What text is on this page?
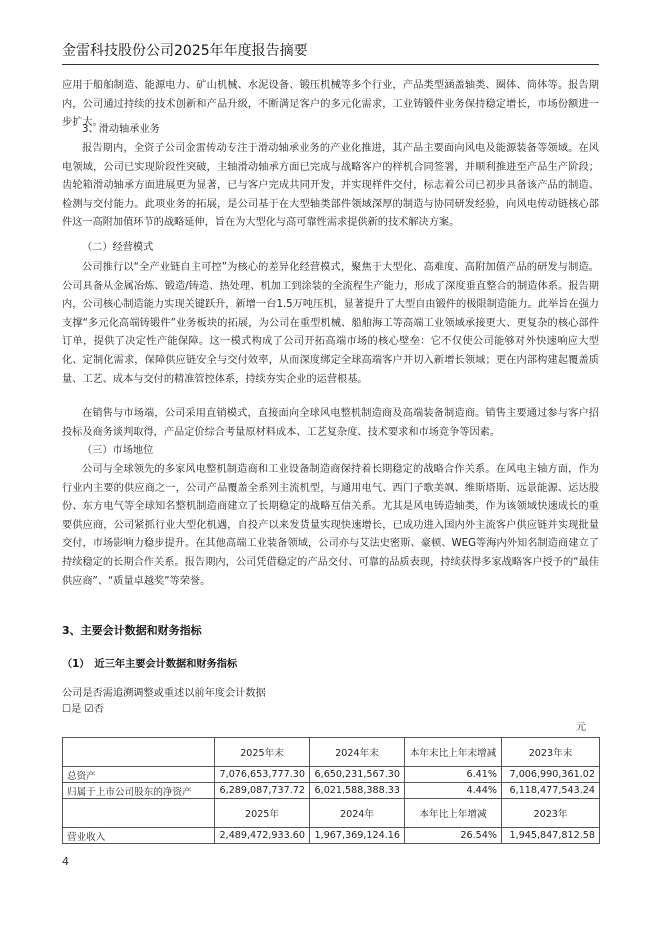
金雷科技股份公司2025年年度报告摘要

应用于船舶制造、能源电力、矿山机械、水泥设备、锻压机械等多个行业，产品类型涵盖轴类、圈体、筒体等。报告期内，公司通过持续的技术创新和产品升级，不断满足客户的多元化需求，工业铸锻件业务保持稳定增长，市场份额进一步扩大。

3、滑动轴承业务

报告期内，全资子公司金雷传动专注于滑动轴承业务的产业化推进，其产品主要面向风电及能源装备等领域。在风电领域，公司已实现阶段性突破，主轴滑动轴承方面已完成与战略客户的样机合同签署，并顺利推进至产品生产阶段；齿轮箱滑动轴承方面进展更为显著，已与客户完成共同开发，并实现样件交付，标志着公司已初步具备该产品的制造、检测与交付能力。此项业务的拓展，是公司基于在大型轴类部件领域深厚的制造与协同研发经验，向风电传动链核心部件这一高附加值环节的战略延伸，旨在为大型化与高可靠性需求提供新的技术解决方案。

（二）经营模式

公司推行以“全产业链自主可控”为核心的差异化经营模式，聚焦于大型化、高难度、高附加值产品的研发与制造。公司具备从金属冶炼、锻造/铸造、热处理、机加工到涂装的全流程生产能力，形成了深度垂直整合的制造体系。报告期内，公司核心制造能力实现关键跃升，新增一台1.5万吨压机，显著提升了大型自由锻件的极限制造能力。此举旨在强力支撑“多元化高端铸锻件”业务板块的拓展，为公司在重型机械、船舶海工等高端工业领域承接更大、更复杂的核心部件订单，提供了决定性产能保障。这一模式构成了公司开拓高端市场的核心壁垒：它不仅使公司能够对外快速响应大型化、定制化需求，保障供应链安全与交付效率，从而深度绑定全球高端客户并切入新增长领域；更在内部构建起覆盖质量、工艺、成本与交付的精准管控体系，持续夯实企业的运营根基。

在销售与市场端，公司采用直销模式，直接面向全球风电整机制造商及高端装备制造商。销售主要通过参与客户招投标及商务谈判取得，产品定价综合考量原材料成本、工艺复杂度、技术要求和市场竞争等因素。

（三）市场地位

公司与全球领先的多家风电整机制造商和工业设备制造商保持着长期稳定的战略合作关系。在风电主轴方面，作为行业内主要的供应商之一，公司产品覆盖全系列主流机型，与通用电气、西门子歌美飒、维斯塔斯、远景能源、运达股份、东方电气等全球知名整机制造商建立了长期稳定的战略互信关系。尤其是风电铸造轴类，作为该领域快速成长的重要供应商，公司紧抓行业大型化机遇，自投产以来发货量实现快速增长，已成功进入国内外主流客户供应链并实现批量交付，市场影响力稳步提升。在其他高端工业装备领域，公司亦与艾法史密斯、豪顿、WEG等海内外知名制造商建立了持续稳定的长期合作关系。报告期内，公司凭借稳定的产品交付、可靠的品质表现，持续获得多家战略客户授予的“最佳供应商”、“质量卓越奖”等荣誉。

3、主要会计数据和财务指标
（1）　近三年主要会计数据和财务指标
公司是否需追溯调整或重述以前年度会计数据
☐是 ☑否
元
	2025年末	2024年末	本年末比上年末增减	2023年末
总资产	7,076,653,777.30	6,650,231,567.30	6.41%	7,006,990,361.02
归属于上市公司股东的净资产	6,289,087,737.72	6,021,588,388.33	4.44%	6,118,477,543.24
	2025年	2024年	本年比上年增减	2023年
营业收入	2,489,472,933.60	1,967,369,124.16	26.54%	1,945,847,812.58
4
